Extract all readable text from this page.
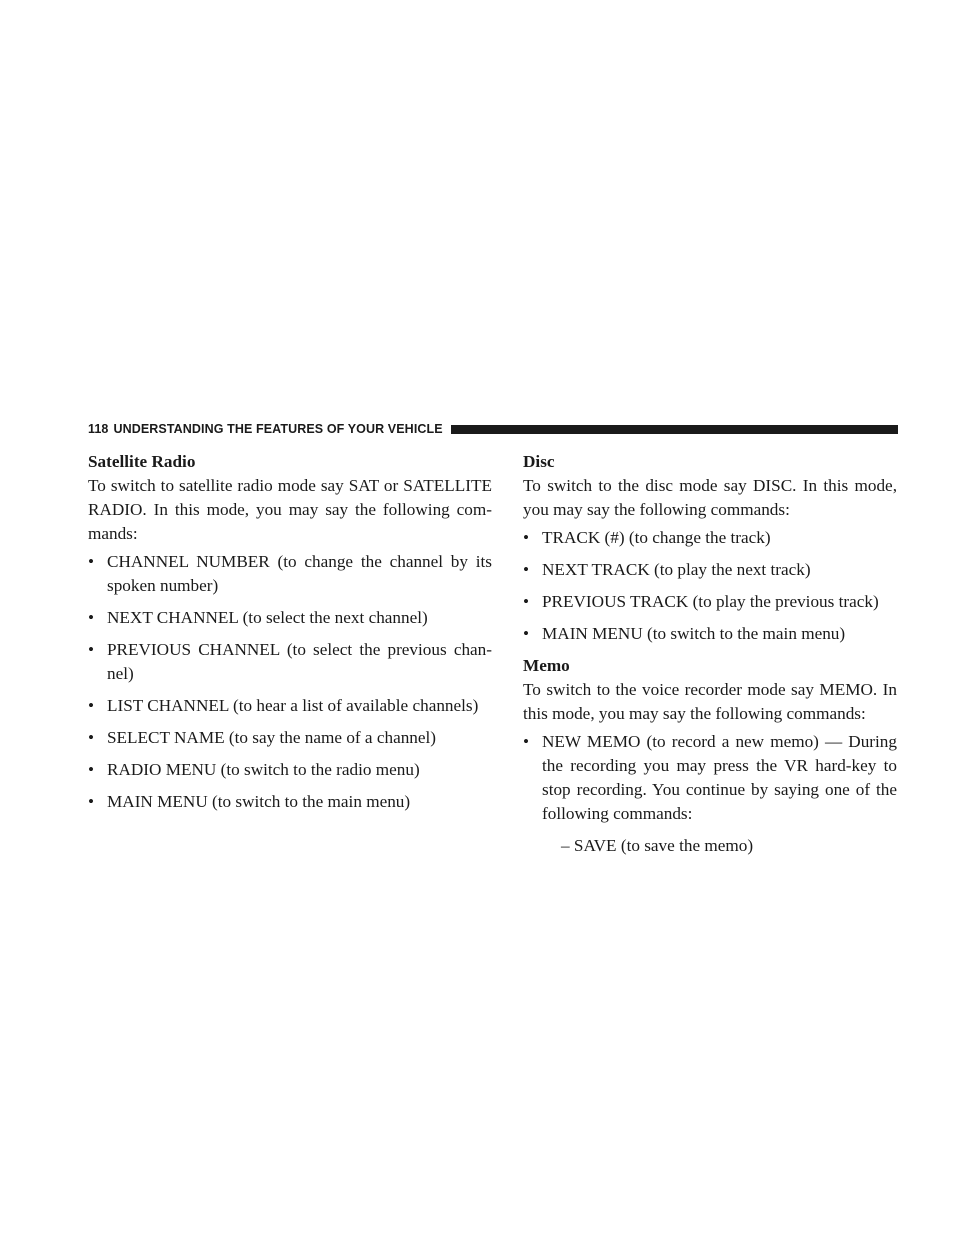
118 UNDERSTANDING THE FEATURES OF YOUR VEHICLE
Satellite Radio

To switch to satellite radio mode say SAT or SATELLITE RADIO. In this mode, you may say the following com-mands:

• CHANNEL NUMBER (to change the channel by its spoken number)
• NEXT CHANNEL (to select the next channel)
• PREVIOUS CHANNEL (to select the previous chan-nel)
• LIST CHANNEL (to hear a list of available channels)
• SELECT NAME (to say the name of a channel)
• RADIO MENU (to switch to the radio menu)
• MAIN MENU (to switch to the main menu)
Disc

To switch to the disc mode say DISC. In this mode, you may say the following commands:

• TRACK (#) (to change the track)
• NEXT TRACK (to play the next track)
• PREVIOUS TRACK (to play the previous track)
• MAIN MENU (to switch to the main menu)
Memo

To switch to the voice recorder mode say MEMO. In this mode, you may say the following commands:

• NEW MEMO (to record a new memo) — During the recording you may press the VR hard-key to stop recording. You continue by saying one of the following commands:
– SAVE (to save the memo)
